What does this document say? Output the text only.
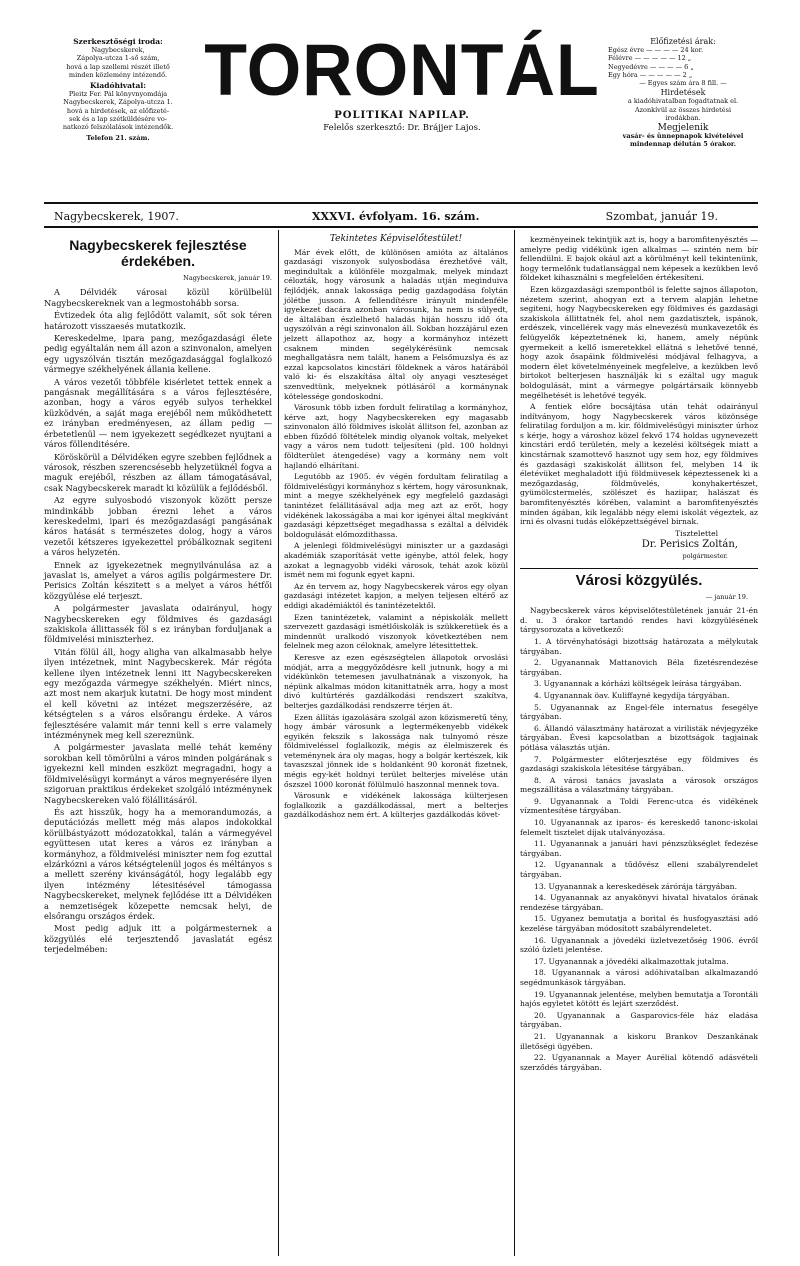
Szerkesztőségi iroda:
Nagybecskerek,
Zápolya-utcza 1-ső szám,
hová a lap szellemi részét illető
minden közlemény intézendő.
Kiadóhivatal:
Pleitz Fer. Pál könyvnyomdája
Nagybecskerek, Zápolya-utcza 1.
hová a hirdetések, az előfizeté-
sek és a lap szétküldésére vo-
natkozó felszólalások intézendők.
Telefon 21. szám.
TORONTÁL
POLITIKAI NAPILAP.
Felelős szerkesztő: Dr. Brájjer Lajos.
Előfizetési árak:
Egész évre — — — — 24 kor.
Félévre — — — — — 12 „
Negyedévre — — — — 6 „
Egy hóra — — — — — 2 „
— Egyes szám ára 8 fill. —
Hirdetések
a kiadóhivatalban fogadtatnak el.
Azonkívül az összes hirdetési
irodákban.
Megjelenik
vasár- és ünnepnapok kivételével
mindennap délután 5 órakor.
Nagybecskerek, 1907.	XXXVI. évfolyam. 16. szám.	Szombat, január 19.
Nagybecskerek fejlesztése érdekében.
Nagybecskerek, január 19.

A Délvidék városai közül körülbelül Nagybecskereknek van a legmostohább sorsa.

Évtizedek óta alig fejlődött valamit, sőt sok téren határozott visszaesés mutatkozik.

Kereskedelme, ipara pang, mezőgazdasági élete pedig egyáltalán nem áll azon a szinvonalon, amelyen egy ugyszólván tisztán mezőgazdasággal foglalkozó vármegye székhelyének állania kellene.

A város vezetői többféle kisérletet tettek ennek a pangásnak megállítására s a város fejlesztésére, azonban, hogy a város egyéb sulyos terhekkel küzködvén, a saját maga erejéből nem működhetett ez irányban eredményesen, az állam pedig — érbetetlenül — nem igyekezett segédkezet nyujtani a város föllenditésére.

Köröskörül a Délvidéken egyre szebben fejlődnek a városok, részben szerencsésebb helyzetüknél fogva a maguk erejéből, részben az állam támogatásával, csak Nagybecskerek maradt ki közülük a fejlődésből.

Az egyre sulyosbodó viszonyok között persze mindinkább jobban érezni lehet a város kereskedelmi, ipari és mezőgazdasági pangásának káros hatását s természetes dolog, hogy a város vezetői kétszeres igyekezettel próbálkoznak segiteni a város helyzetén.

Ennek az igyekezetnek megnyilvánulása az a javaslat is, amelyet a város agilis polgármestere Dr. Perisics Zoltán készitett s a melyet a város hétfői közgyülése elé terjeszt.

A polgármester javaslata odairányul, hogy Nagybecskereken egy földmives és gazdasági szakiskola állittassék föl s ez irányban forduljanak a földmivelési miniszterhez.

Vitán fölül áll, hogy aligha van alkalmasabb helye ilyen intézetnek, mint Nagybecskerek. Már régóta kellene ilyen intézetnek lenni itt Nagybecskereken egy mezőgazda vármegye székhelyén. Miért nincs, azt most nem akarjuk kutatni. De hogy most mindent el kell követni az intézet megszerzésére, az kétségtelen s a város elsőrangu érdeke. A város fejlesztésére valamit már tenni kell s erre valamely intézménynek meg kell szereznünk.

A polgármester javaslata mellé tehát kemény sorokban kell tömörülni a város minden polgárának s igyekezni kell minden eszközt megragadni, hogy a földmivelésügyi kormányt a város megnyerésére ilyen szigoruan praktikus érdekeket szolgáló intézménynek Nagybecskereken való fölállitásáról.

És azt hisszük, hogy ha a memorandumozás, a deputációzás mellett még más alapos indokokkal körülbástyázott módozatokkal, talán a vármegyével együttesen utat keres a város ez irányban a kormányhoz, a földmivelési miniszter nem fog ezuttal elzárkózni a város kétségtelenül jogos és méltányos s a mellett szerény kivánságától, hogy legalább egy ilyen intézmény létesitésével támogassa Nagybecskereket, melynek fejlődése itt a Délvidéken a nemzetiségek közepette nemcsak helyi, de elsőrangu országos érdek.

Most pedig adjuk itt a polgármesternek a közgyülés elé terjesztendő javaslatát egész terjedelmében:

Tekintetes Képviselőtestület!

Már évek előtt, de különösen amióta az általános gazdasági viszonyok sulyosbodása érezhetővé vált, megindultak a különféle mozgalmak, melyek mindazt célozták, hogy városunk a haladás utján meginduiva fejlődjék, annak lakossága pedig gazdagodása folytán jólétbe jusson. A fellendítésre irányult mindenféle igyekezet dacára azonban városunk, ha nem is sülyedt, de általában észlelhető haladás hiján hosszu idő óta ugyszólván a régi szinvonalon áll. Sokban hozzájárul ezen jelzett állapothoz az, hogy a kormányhoz intézett csaknem minden segélykérésünk nemcsak meghallgatásra nem talált, hanem a Felsőmuzslya és az ezzal kapcsolatos kincstári földeknek a város határából való ki- és elszakítása által oly anyagi veszteséget szenvedtünk, melyeknek pótlásáról a kormánynak kötelessége gondoskodni.

Városunk több izben fordult feliratilag a kormányhoz, kérve azt, hogy Nagybecskereken egy magasabb szinvonalon álló földmives iskolát állitson fel, azonban az ebben fűződő föltételek mindig olyanok voltak, melyeket vagy a város nem tudott teljesíteni (pld. 100 holdnyi földterület átengedése) vagy a kormány nem volt hajlandó elhárítani.

Legutóbb az 1905. év végén fordultam feliratilag a földmivelésügyi kormányhoz s kértem, hogy városunknak, mint a megye székhelyének egy megfelelő gazdasági tanintézet felállitásával adja meg azt az erőt, hogy vidékének lakosságába a mai kor igényei által megkívánt gazdasági képzettséget megadhassa s ezáltal a délvidék boldogulását előmozdithassa.

A jelenlegi földmivelésügyi miniszter ur a gazdasági akadémiák szaporítását vette igénybe, attól felek, hogy azokat a legnagyobb vidéki városok, tehát azok közül ismét nem mi fogunk egyet kapni.

Az én tervem az, hogy Nagybecskerek város egy olyan gazdasági intézetet kapjon, a melyen teljesen eltérő az eddigi akadémiáktól és tanintézetektől.

Ezen tanintézetek, valamint a népiskolák mellett szervezett gazdasági ismétlőiskolák is szükkeretüek és a mindennüt uralkodó viszonyok következtében nem felelnek meg azon céloknak, amelyre létesittettek.

Keresve az ezen egészségtelen állapotok orvoslási módját, arra a meggyőződésre kell jutnunk, hogy a mi vidékünkön tetemesen javulhatnának a viszonyok, ha népünk alkalmas módon kitanittatnék arra, hogy a most divó kultúrtérés gazdálkodási rendszert szakítva, belterjes gazdálkodási rendszerre térjen át.

Ezen állítás igazolására szolgál azon közismeretű tény, hogy ámbár városunk a legtermékenyebb vidékek egyikén fekszik s lakossága nak tulnyomó része földmiveléssel foglalkozik, mégis az élelmiszerek és veteménynek ára oly magas, hogy a bolgár kertészek, kik tavaszszal jönnek ide s holdanként 90 koronát fizetnek, mégis egy-két holdnyi terület belterjes mivelése után őszszel 1000 koronát fölülmuló haszonnal mennek tova.

Városunk e vidékének lakossága külterjesen foglalkozik a gazdálkodással, mert a belterjes gazdálkodáshoz nem ért. A külterjes gazdálkodás követ-

kezményeinek tekintjük azt is, hogy a baromfitenyésztés — amelyre pedig vidékünk igen alkalmas — szintén nem bír fellendülni. E bajok okául azt a körülményt kell tekintenünk, hogy termelőnk tudatlansággal nem képesek a kezükben levő földeket kihasználni s megfelelően értékesíteni.

Ezen közgazdasági szempontból is felette sajnos állapoton, nézetem szerint, ahogyan ezt a tervem alapján lehetne segiteni, hogy Nagybecskereken egy földmives és gazdasági szakiskola állittatnék fel, ahol nem gazdatisztek, ispánok, erdészek, vincellérek vagy más elnevezésü munkavezetők és felügyelők képeztetnének ki, hanem, amely népünk gyermekeit a kellő ismeretekkel ellátná s lehetővé tenné, hogy azok ősapáink földmivelési módjával felhagyva, a modern élet követelményeinek megfelelve, a kezükben levő birtokot belterjesen használják ki s ezáltal ugy maguk boldogulását, mint a vármegye polgártársaik könnyebb megélhetését is lehetővé tegyék.

A fentiek előre bocsájtása után tehát odairányul indítványom, hogy Nagybecskerek város közönsége feliratilag forduljon a m. kir. földmivelésügyi miniszter úrhoz s kérje, hogy a városhoz közel fekvő 174 holdas ugynevezett kincstári erdő területén, mely a kezelési költségek miatt a kincstárnak szamottevő hasznot ugy sem hoz, egy földmives és gazdasági szakiskolát állitson fel, melyben 14 ik életévüket meghaladott ifjú földmüvesek képeztessenek ki a mezőgazdaság, földmüvelés, konyhakertészet, gyümölcstermelés, szölészet és haziipar, halászat és baromfitenyésztés körében, valamint a baromfitenyésztés minden ágában, kik legalább négy elemi iskolát végeztek, az irni és olvasni tudás előképzettségével birnak.

Tisztelettel

Dr. Perisics Zoltán,

polgármester.

Városi közgyülés.
— január 19.

Nagybecskerek város képviselőtestületének január 21-én d. u. 3 órakor tartandó rendes havi közgyülésének tárgysorozata a következő:

1. A törvényhatósági bizottság határozata a mélykutak tárgyában.

2. Ugyanannak Mattanovich Béla fizetésrendezése tárgyában.

3. Ugyanannak a kórházi költségek leírása tárgyában.

4. Ugyanannak öav. Kuliffayné kegydíja tárgyában.

5. Ugyanannak az Engel-féle internatus fesegélye tárgyában.

6. Állandó választmány határozat a virilisták névjegyzéke tárgyában. Évesi kapcsolatban a bizottságok tagjainak pótlása választás utján.

7. Polgármester előterjesztése egy földmives és gazdasági szakiskola létesitése tárgyában.

8. A városi tanács javaslata a városok országos megszállítása a választmány tárgyában.

9. Ugyanannak a Toldi Ferenc-utca és vidékének vízmentesítése tárgyában.

10. Ugyanannak az iparos- és kereskedő tanonc-iskolai felemelt tisztelet díjak utalványozása.

11. Ugyanannak a januári havi pénzszükséglet fedezése tárgyában.

12. Ugyanannak a tűdővész elleni szabályrendelet tárgyában.

13. Ugyanannak a kereskedések zárórája tárgyában.

14. Ugyanannak az anyakönyvi hivatal hivatalos órának rendezése tárgyában.

15. Ugyanez bemutatja a borital és husfogyasztási adó kezelése tárgyában módosított szabályrendeletet.

16. Ugyanannak a jövedéki üzletvezetőség 1906. évről szóló üzleti jelentése.

17. Ugyanannak a jövedéki alkalmazottak jutalma.

18. Ugyanannak a városi adóhivatalban alkalmazandó segédmunkások tárgyában.

19. Ugyanannak jelentése, melyben bemutatja a Torontáli hajós egyletet kötött és lejárt szerződést.

20. Ugyanannak a Gasparovics-féle ház eladása tárgyában.

21. Ugyanannak a kiskoru Brankov Deszankának illetőségi ügyében.

22. Ugyanannak a Mayer Aurélial kötendő adásvételi szerződés tárgyában.
